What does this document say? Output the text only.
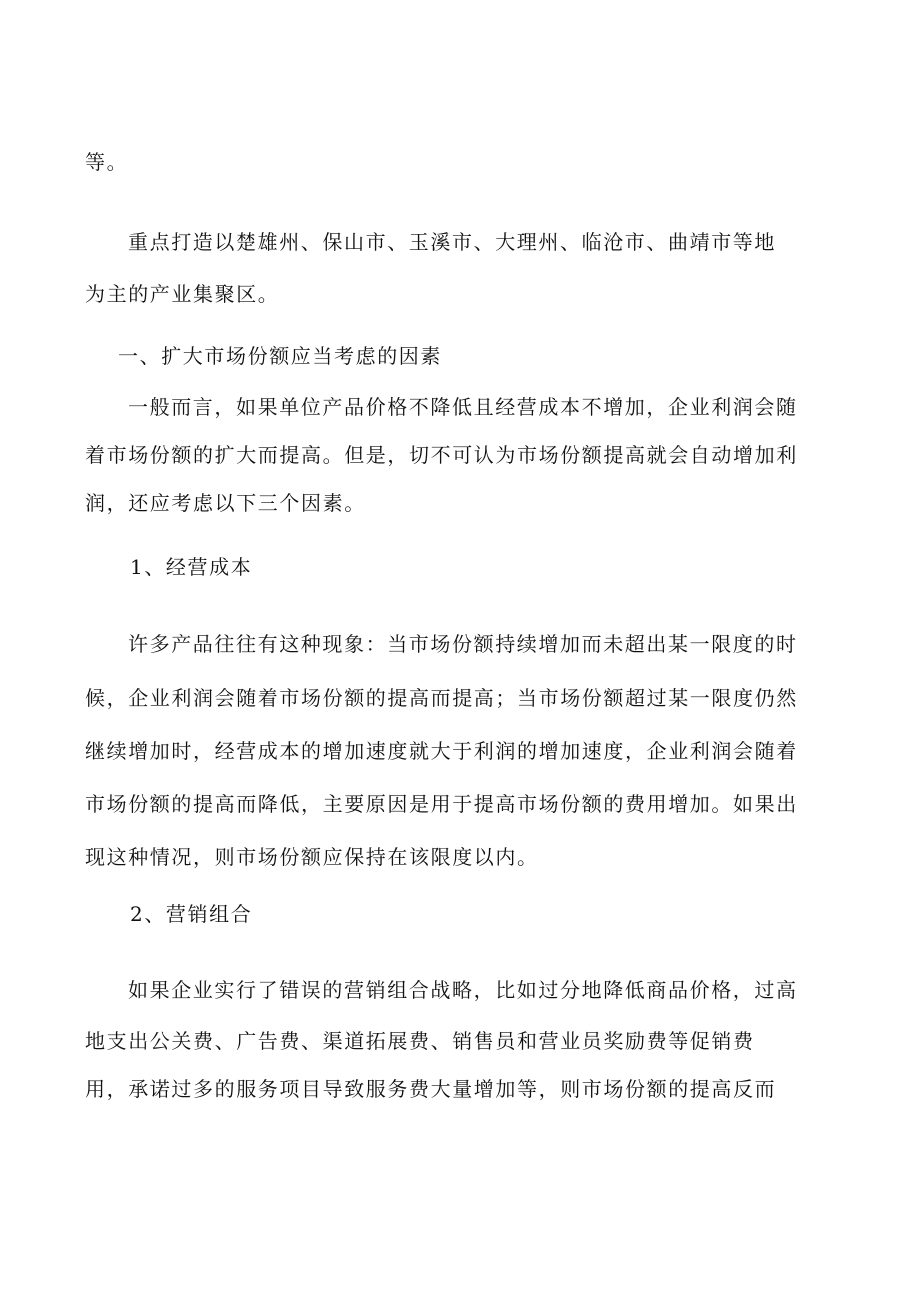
等。
重点打造以楚雄州、保山市、玉溪市、大理州、临沧市、曲靖市等地
为主的产业集聚区。
一、扩大市场份额应当考虑的因素
一般而言，如果单位产品价格不降低且经营成本不增加，企业利润会随
着市场份额的扩大而提高。但是，切不可认为市场份额提高就会自动增加利
润，还应考虑以下三个因素。
1、经营成本
许多产品往往有这种现象：当市场份额持续增加而未超出某一限度的时
候，企业利润会随着市场份额的提高而提高；当市场份额超过某一限度仍然
继续增加时，经营成本的增加速度就大于利润的增加速度，企业利润会随着
市场份额的提高而降低，主要原因是用于提高市场份额的费用增加。如果出
现这种情况，则市场份额应保持在该限度以内。
2、营销组合
如果企业实行了错误的营销组合战略，比如过分地降低商品价格，过高
地支出公关费、广告费、渠道拓展费、销售员和营业员奖励费等促销费
用，承诺过多的服务项目导致服务费大量增加等，则市场份额的提高反而
